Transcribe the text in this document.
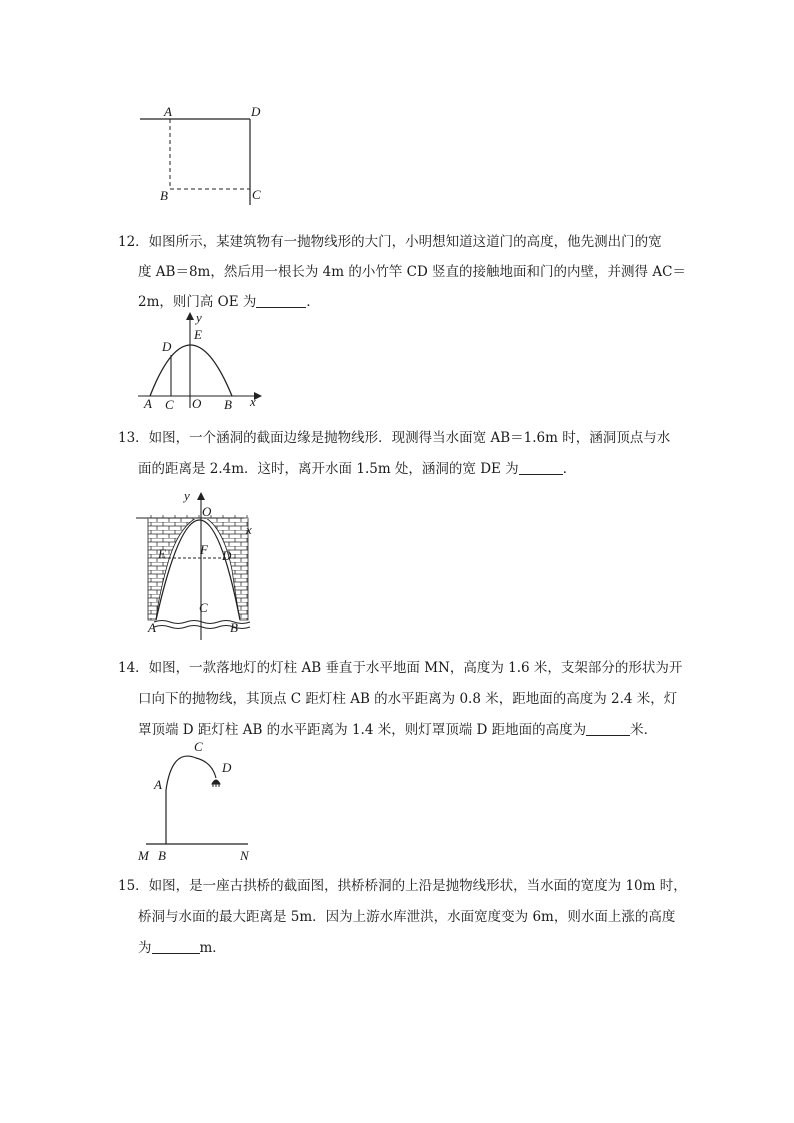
A	D
B	C
12．如图所示，某建筑物有一抛物线形的大门，小明想知道这道门的高度，他先测出门的宽
度 AB＝8m，然后用一根长为 4m 的小竹竿 CD 竖直的接触地面和门的内壁，并测得 AC＝
2m，则门高 OE 为	．
y
E
D
A C O B x
13．如图，一个涵洞的截面边缘是抛物线形．现测得当水面宽 AB＝1.6m 时，涵洞顶点与水
面的距离是 2.4m．这时，离开水面 1.5m 处，涵洞的宽 DE 为	．
y
O
x
E	F D
C
A	B
14．如图，一款落地灯的灯柱 AB 垂直于水平地面 MN，高度为 1.6 米，支架部分的形状为开
口向下的抛物线，其顶点 C 距灯柱 AB 的水平距离为 0.8 米，距地面的高度为 2.4 米，灯
罩顶端 D 距灯柱 AB 的水平距离为 1.4 米，则灯罩顶端 D 距地面的高度为	米．
C
A
D
M B	N
15．如图，是一座古拱桥的截面图，拱桥桥洞的上沿是抛物线形状，当水面的宽度为 10m 时，
桥洞与水面的最大距离是 5m．因为上游水库泄洪，水面宽度变为 6m，则水面上涨的高度
为	m．
